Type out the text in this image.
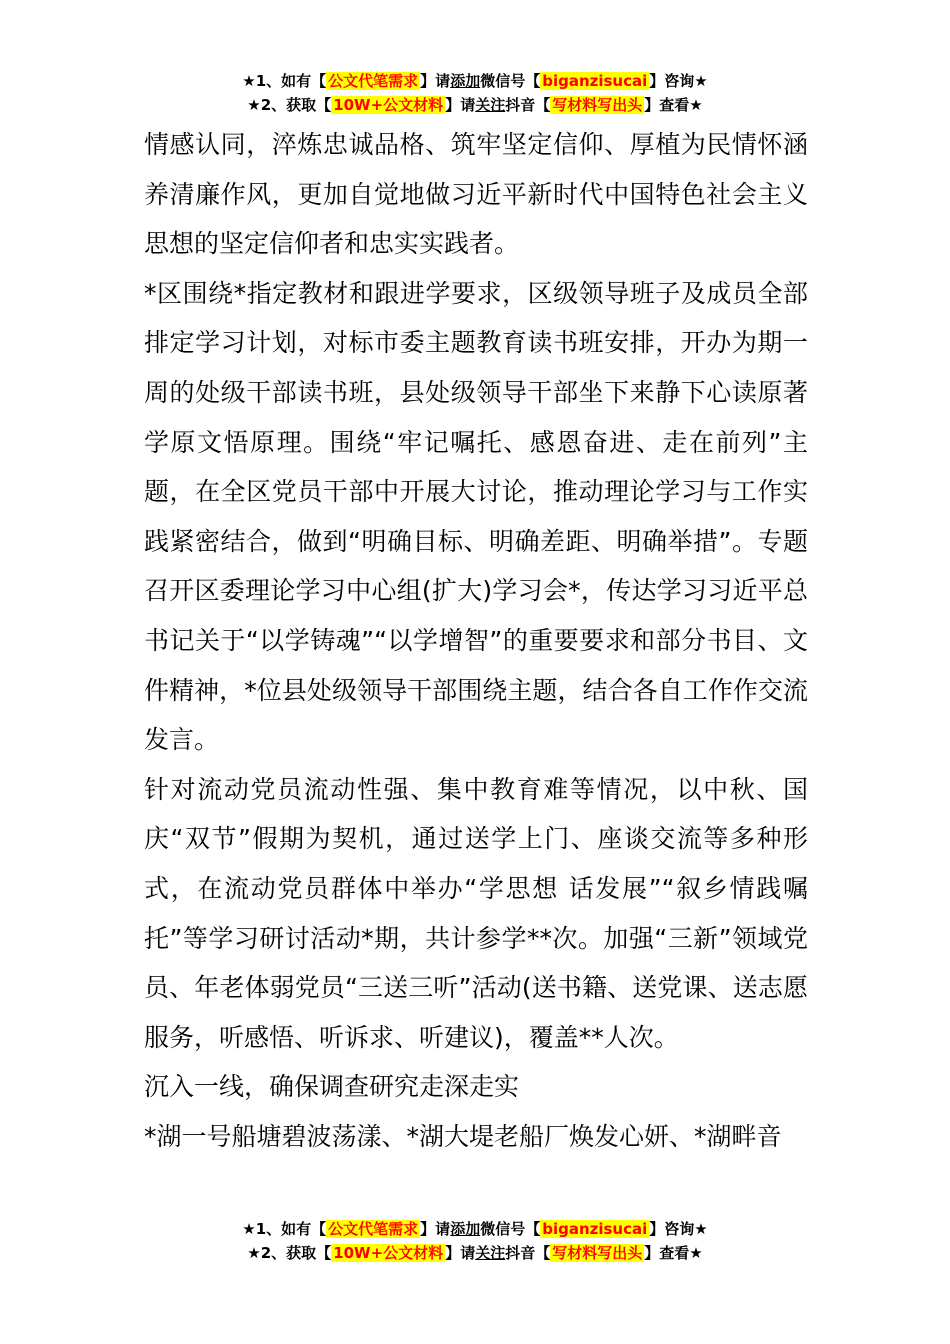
★1、如有【 公文代笔需求 】请添加微信号【 biganzisucai 】咨询★
★2、获取【 10W+公文材料 】请关注抖音【 写材料写出头 】查看★

情感认同，淬炼忠诚品格、筑牢坚定信仰、厚植为民情怀涵养清廉作风，更加自觉地做习近平新时代中国特色社会主义思想的坚定信仰者和忠实实践者。

*区围绕*指定教材和跟进学要求，区级领导班子及成员全部排定学习计划，对标市委主题教育读书班安排，开办为期一周的处级干部读书班，县处级领导干部坐下来静下心读原著学原文悟原理。围绕“牢记嘱托、感恩奋进、走在前列”主题，在全区党员干部中开展大讨论，推动理论学习与工作实践紧密结合，做到“明确目标、明确差距、明确举措”。专题召开区委理论学习中心组(扩大)学习会*，传达学习习近平总书记关于“以学铸魂”“以学增智”的重要要求和部分书目、文件精神，*位县处级领导干部围绕主题，结合各自工作作交流发言。

针对流动党员流动性强、集中教育难等情况，以中秋、国庆“双节”假期为契机，通过送学上门、座谈交流等多种形式，在流动党员群体中举办“学思想 话发展”“叙乡情践嘱托”等学习研讨活动*期，共计参学**次。加强“三新”领域党员、年老体弱党员“三送三听”活动(送书籍、送党课、送志愿服务，听感悟、听诉求、听建议)，覆盖**人次。

沉入一线，确保调查研究走深走实

*湖一号船塘碧波荡漾、*湖大堤老船厂焕发心妍、*湖畔音

★1、如有【 公文代笔需求 】请添加微信号【 biganzisucai 】咨询★
★2、获取【 10W+公文材料 】请关注抖音【 写材料写出头 】查看★
